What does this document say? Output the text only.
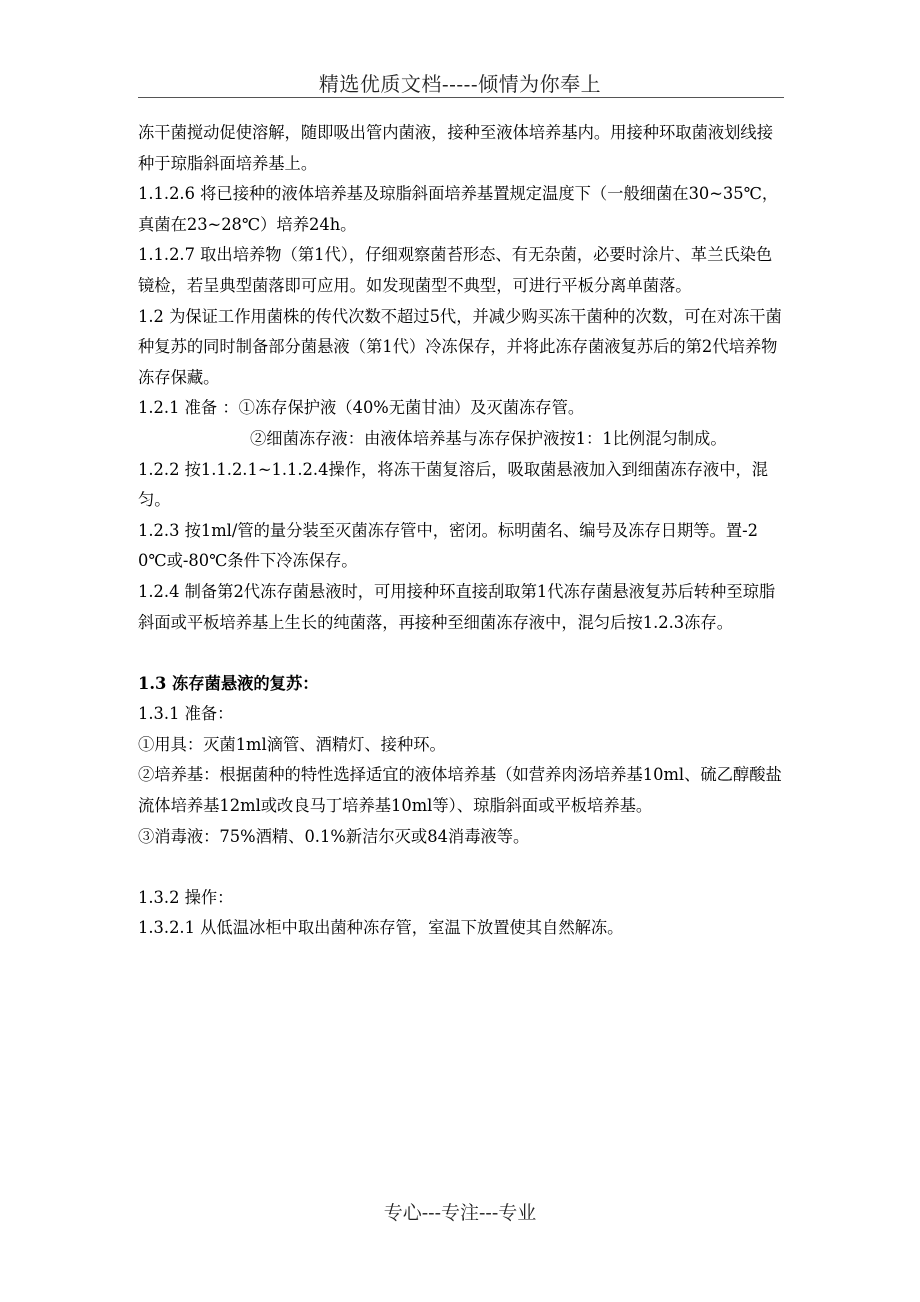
精选优质文档-----倾情为你奉上

冻干菌搅动促使溶解，随即吸出管内菌液，接种至液体培养基内。用接种环取菌液划线接种于琼脂斜面培养基上。

1.1.2.6 将已接种的液体培养基及琼脂斜面培养基置规定温度下（一般细菌在30~35℃，真菌在23~28℃）培养24h。

1.1.2.7 取出培养物（第1代），仔细观察菌苔形态、有无杂菌，必要时涂片、革兰氏染色镜检，若呈典型菌落即可应用。如发现菌型不典型，可进行平板分离单菌落。

1.2 为保证工作用菌株的传代次数不超过5代，并减少购买冻干菌种的次数，可在对冻干菌种复苏的同时制备部分菌悬液（第1代）冷冻保存，并将此冻存菌液复苏后的第2代培养物冻存保藏。

1.2.1 准备 ：①冻存保护液（40%无菌甘油）及灭菌冻存管。

②细菌冻存液：由液体培养基与冻存保护液按1：1比例混匀制成。

1.2.2 按1.1.2.1~1.1.2.4操作，将冻干菌复溶后，吸取菌悬液加入到细菌冻存液中，混匀。

1.2.3 按1ml/管的量分装至灭菌冻存管中，密闭。标明菌名、编号及冻存日期等。置-20℃或-80℃条件下冷冻保存。

1.2.4 制备第2代冻存菌悬液时，可用接种环直接刮取第1代冻存菌悬液复苏后转种至琼脂斜面或平板培养基上生长的纯菌落，再接种至细菌冻存液中，混匀后按1.2.3冻存。

1.3 冻存菌悬液的复苏：

1.3.1 准备：

①用具：灭菌1ml滴管、酒精灯、接种环。

②培养基：根据菌种的特性选择适宜的液体培养基（如营养肉汤培养基10ml、硫乙醇酸盐流体培养基12ml或改良马丁培养基10ml等）、琼脂斜面或平板培养基。

③消毒液：75%酒精、0.1%新洁尔灭或84消毒液等。

1.3.2 操作：

1.3.2.1 从低温冰柜中取出菌种冻存管，室温下放置使其自然解冻。

专心---专注---专业
